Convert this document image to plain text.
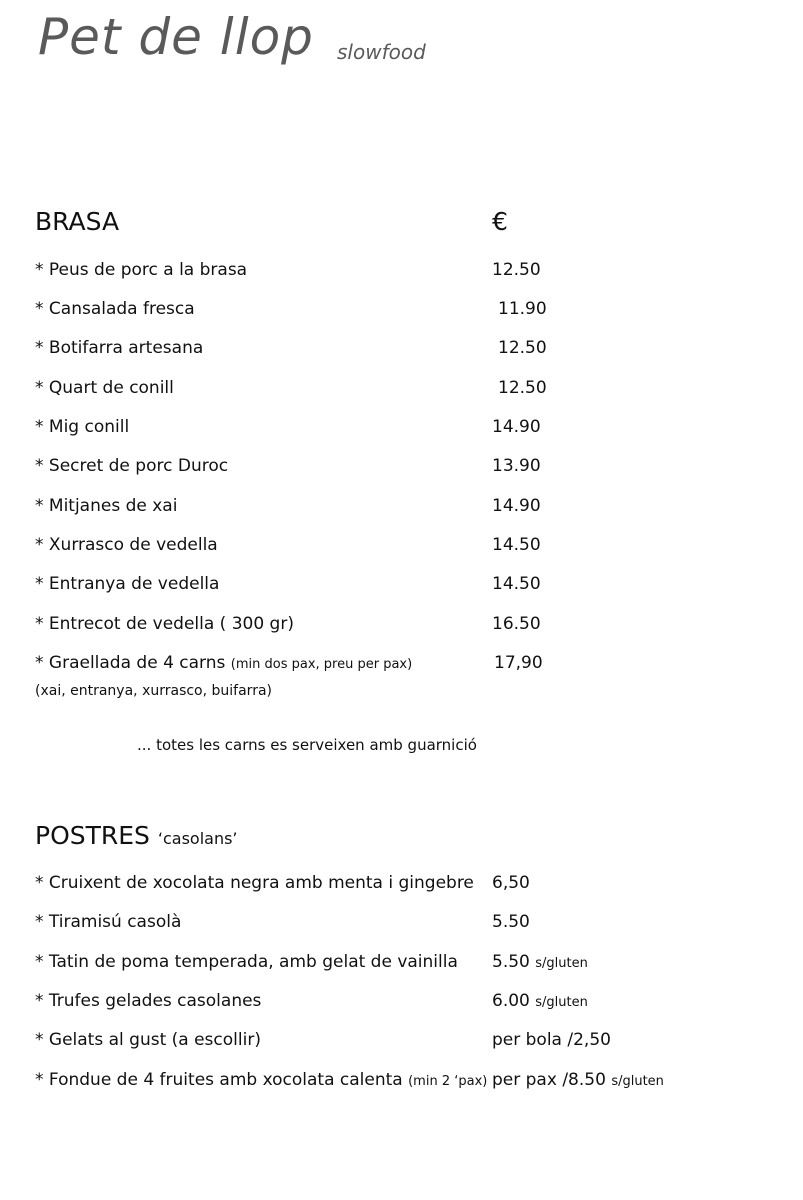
Pet de llop slowfood
BRASA	€
* Peus de porc a la brasa	12.50
* Cansalada fresca	11.90
* Botifarra artesana	12.50
* Quart de conill	12.50
* Mig conill	14.90
* Secret de porc Duroc	13.90
* Mitjanes de xai	14.90
* Xurrasco de vedella	14.50
* Entranya de vedella	14.50
* Entrecot de vedella ( 300 gr)	16.50
* Graellada de 4 carns (min dos pax, preu per pax)	17,90
(xai, entranya, xurrasco, buifarra)
... totes les carns es serveixen amb guarnició
POSTRES ‘casolans’
* Cruixent de xocolata negra amb menta i gingebre 6,50
* Tiramisú casolà	5.50
* Tatin de poma temperada, amb gelat de vainilla 5.50 s/gluten
* Trufes gelades casolanes	6.00 s/gluten
* Gelats al gust (a escollir)	per bola /2,50
* Fondue de 4 fruites amb xocolata calenta (min 2 ‘pax) per pax /8.50 s/gluten
